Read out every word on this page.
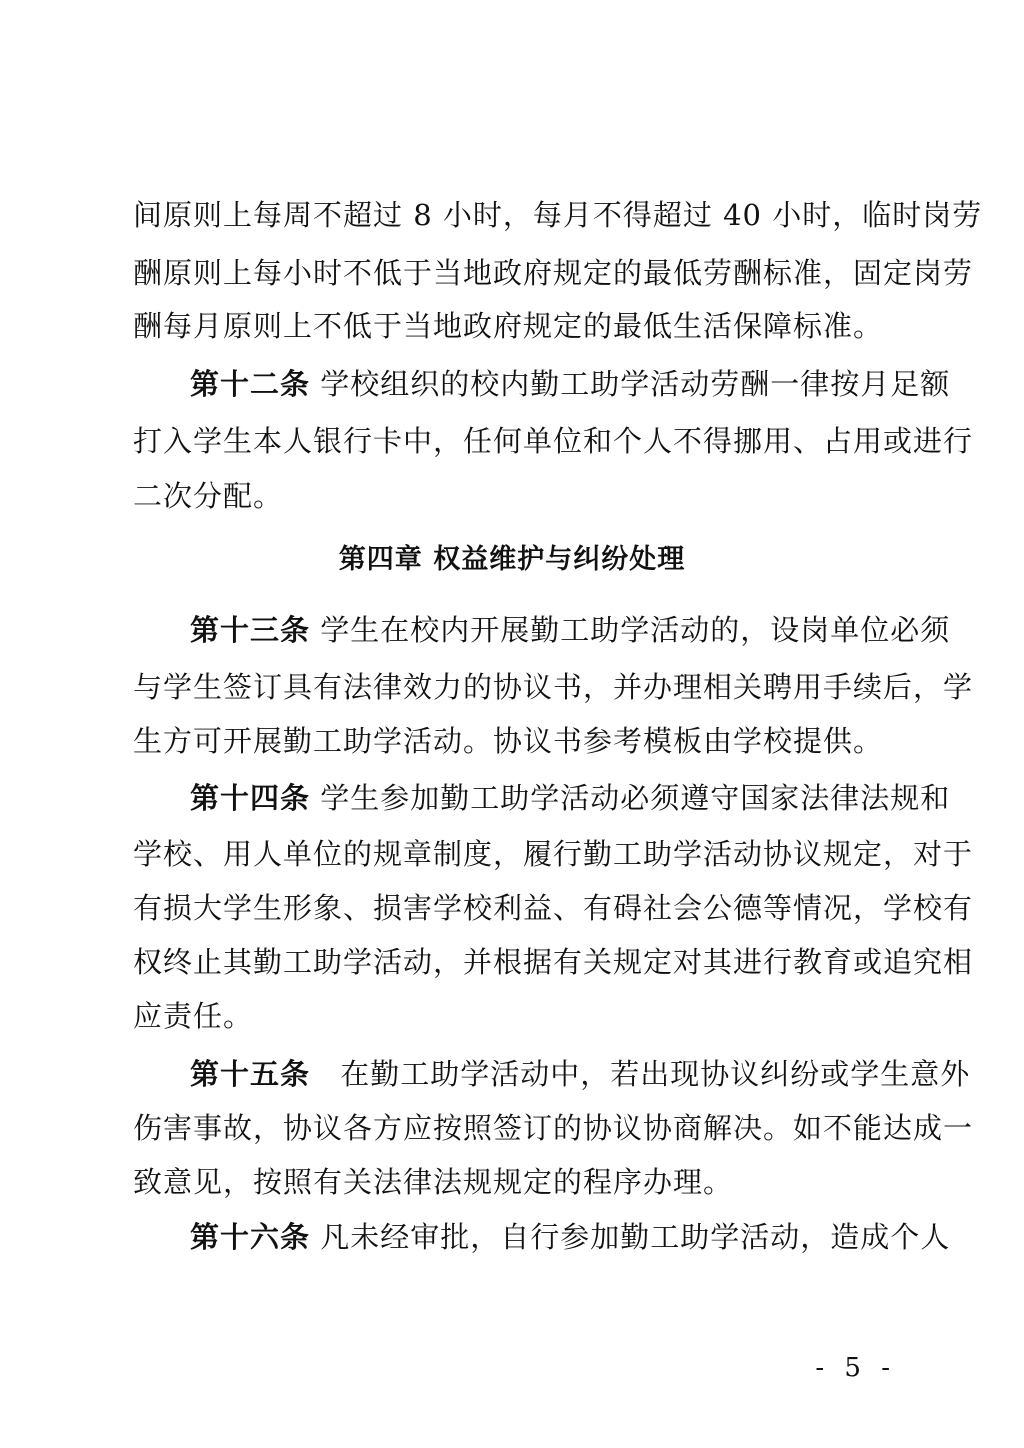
间原则上每周不超过 8 小时，每月不得超过 40 小时，临时岗劳
酬原则上每小时不低于当地政府规定的最低劳酬标准，固定岗劳
酬每月原则上不低于当地政府规定的最低生活保障标准。
第十二条 学校组织的校内勤工助学活动劳酬一律按月足额
打入学生本人银行卡中，任何单位和个人不得挪用、占用或进行
二次分配。
第四章 权益维护与纠纷处理
第十三条 学生在校内开展勤工助学活动的，设岗单位必须
与学生签订具有法律效力的协议书，并办理相关聘用手续后，学
生方可开展勤工助学活动。协议书参考模板由学校提供。
第十四条 学生参加勤工助学活动必须遵守国家法律法规和
学校、用人单位的规章制度，履行勤工助学活动协议规定，对于
有损大学生形象、损害学校利益、有碍社会公德等情况，学校有
权终止其勤工助学活动，并根据有关规定对其进行教育或追究相
应责任。
第十五条 在勤工助学活动中，若出现协议纠纷或学生意外
伤害事故，协议各方应按照签订的协议协商解决。如不能达成一
致意见，按照有关法律法规规定的程序办理。
第十六条 凡未经审批，自行参加勤工助学活动，造成个人
- 5 -
